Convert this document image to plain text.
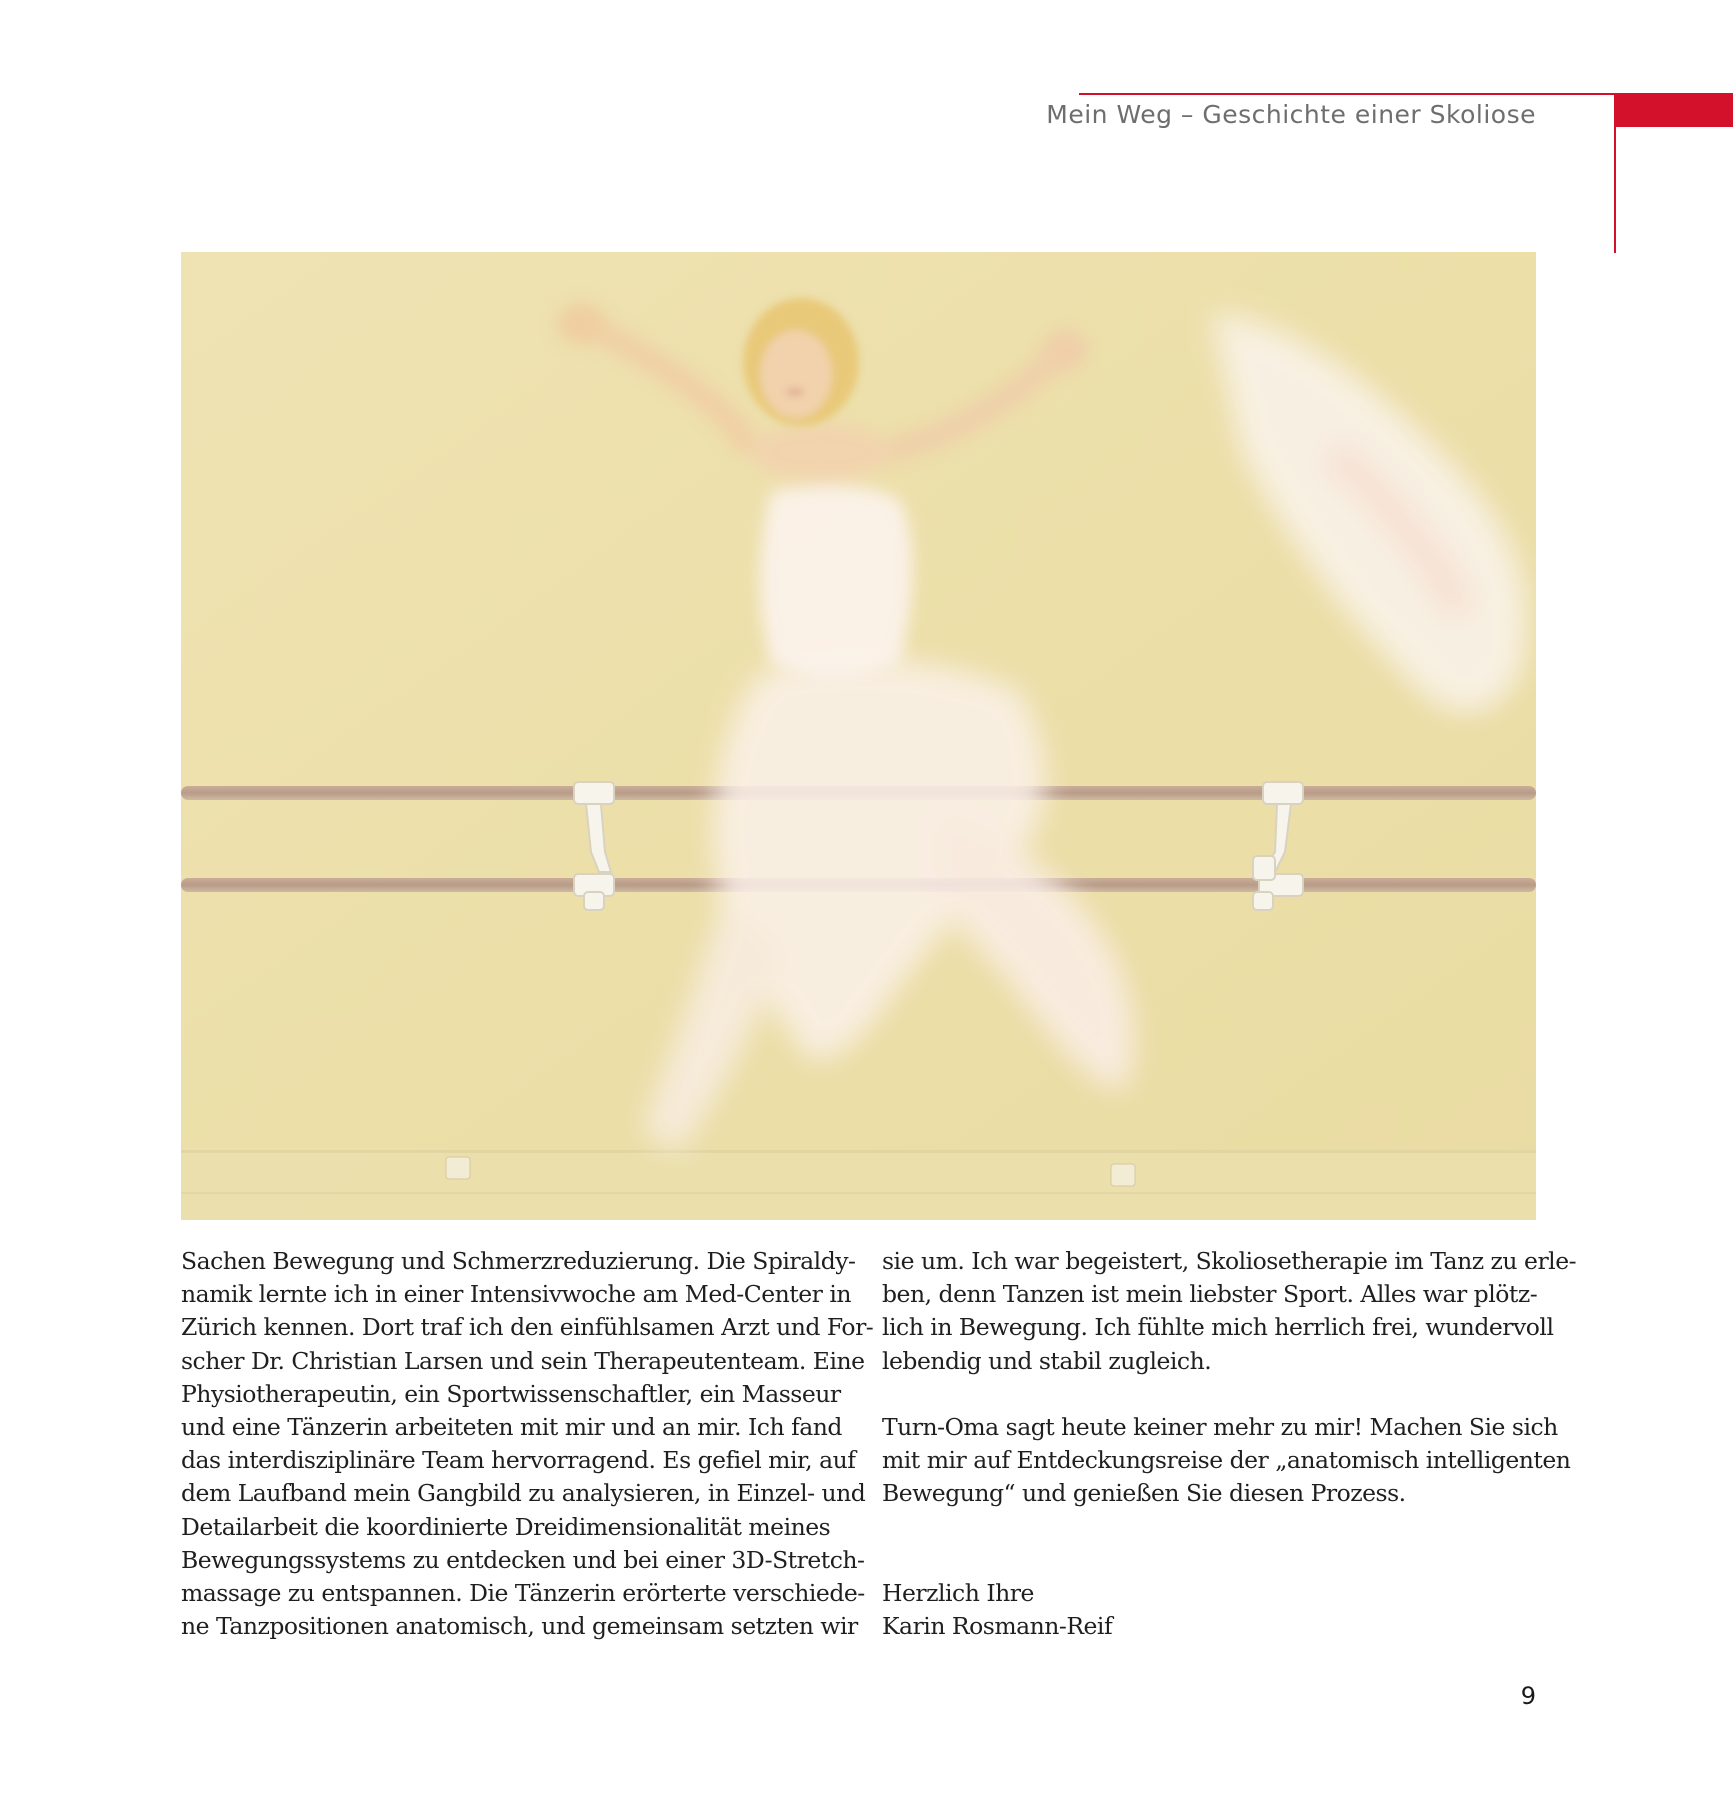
Mein Weg – Geschichte einer Skoliose
Sachen Bewegung und Schmerzreduzierung. Die Spiraldy-
namik lernte ich in einer Intensivwoche am Med-Center in
Zürich kennen. Dort traf ich den einfühlsamen Arzt und For-
scher Dr. Christian Larsen und sein Therapeutenteam. Eine
Physiotherapeutin, ein Sportwissenschaftler, ein Masseur
und eine Tänzerin arbeiteten mit mir und an mir. Ich fand
das interdisziplinäre Team hervorragend. Es gefiel mir, auf
dem Laufband mein Gangbild zu analysieren, in Einzel- und
Detailarbeit die koordinierte Dreidimensionalität meines
Bewegungssystems zu entdecken und bei einer 3D-Stretch-
massage zu entspannen. Die Tänzerin erörterte verschiede-
ne Tanzpositionen anatomisch, und gemeinsam setzten wir
sie um. Ich war begeistert, Skoliosetherapie im Tanz zu erle-
ben, denn Tanzen ist mein liebster Sport. Alles war plötz-
lich in Bewegung. Ich fühlte mich herrlich frei, wundervoll
lebendig und stabil zugleich.
Turn-Oma sagt heute keiner mehr zu mir! Machen Sie sich
mit mir auf Entdeckungsreise der „anatomisch intelligenten
Bewegung“ und genießen Sie diesen Prozess.
Herzlich Ihre
Karin Rosmann-Reif
9
